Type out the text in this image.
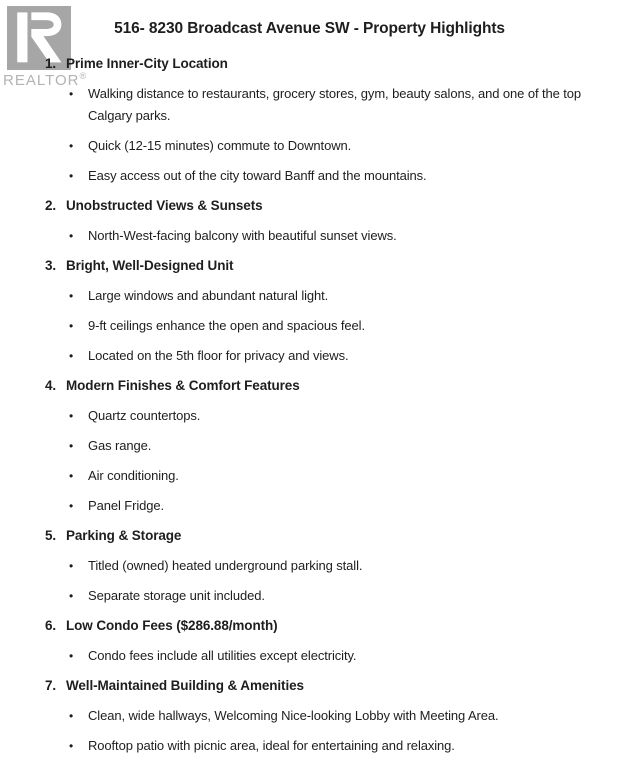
REALTOR®
516- 8230 Broadcast Avenue SW - Property Highlights
1. Prime Inner-City Location
•	Walking distance to restaurants, grocery stores, gym, beauty salons, and one of the top Calgary parks.
•	Quick (12-15 minutes) commute to Downtown.
•	Easy access out of the city toward Banff and the mountains.
2. Unobstructed Views & Sunsets
•	North-West-facing balcony with beautiful sunset views.
3. Bright, Well-Designed Unit
•	Large windows and abundant natural light.
•	9-ft ceilings enhance the open and spacious feel.
•	Located on the 5th floor for privacy and views.
4. Modern Finishes & Comfort Features
•	Quartz countertops.
•	Gas range.
•	Air conditioning.
•	Panel Fridge.
5. Parking & Storage
•	Titled (owned) heated underground parking stall.
•	Separate storage unit included.
6. Low Condo Fees ($286.88/month)
•	Condo fees include all utilities except electricity.
7. Well-Maintained Building & Amenities
•	Clean, wide hallways, Welcoming Nice-looking Lobby with Meeting Area.
•	Rooftop patio with picnic area, ideal for entertaining and relaxing.
